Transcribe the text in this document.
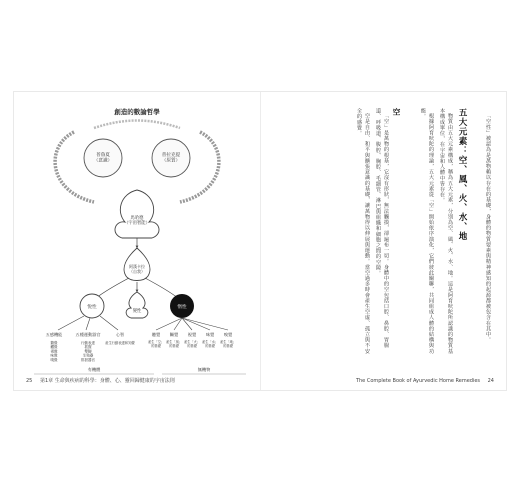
創造的數論哲學
普魯夏（意識）
普拉克提（原質）
馬哈德（宇宙智能）
阿漢卡拉（自我）
悅性
變性
惰性
五感機能
聽覺觸覺視覺味覺嗅覺
五種運動器官
行動表達抓握雙腳生殖器排泄器官
心智
產生行動表達和知覺
聽覺
產生「空」的基礎
觸覺
產生「風」的基礎
視覺
產生「火」的基礎
味覺
產生「水」的基礎
嗅覺
產生「地」的基礎
有機體	無機物
25 第1章 生命與疾病的科學：身體、心、靈回歸健康的宇宙法則

「空性」被認為是萬物賴以存在的基礎，身體的物質要素與精神感知的起源都被包含在其中。

五大元素：空、風、火、水、地

物質由五大元素構成，稱為五大元素，分別為空、風、火、水、地。這是阿育吠陀所認識的物質基本構成單位，在宇宙和人體中皆存在。

根據阿育吠陀的理論，五大元素從「空」開始依序演化，它們彼此關聯，共同組成人體的結構與功能。

空

「空」是萬物的根基，它沒有形狀，無法觸摸，卻遍布一切。身體中的空包括口腔、鼻腔、胃腸道、呼吸道、腹腔、胸腔、毛細管、淋巴與組織和細胞之間的空隙。

空是自由、和平與擴張意識的基礎，讓萬物得以伸展與運動。當空過多時會產生空虛、孤立與不安全的感覺。

The Complete Book of Ayurvedic Home Remedies 24
